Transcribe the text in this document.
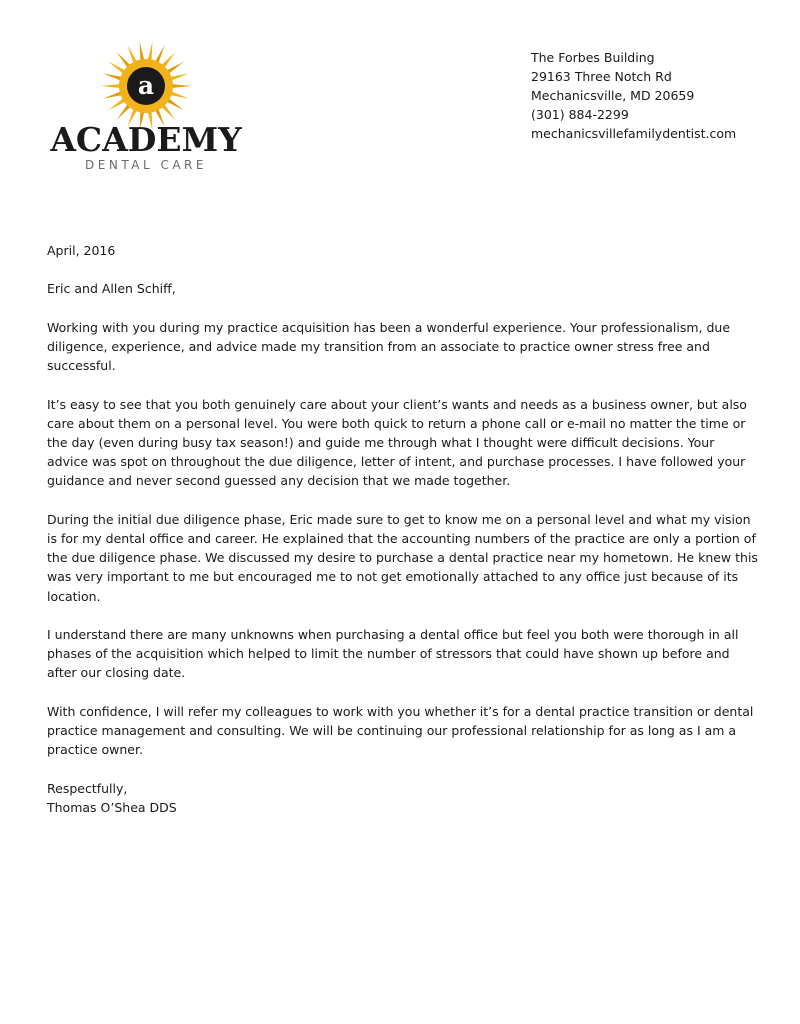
a
ACADEMY
DENTAL CARE
The Forbes Building
29163 Three Notch Rd
Mechanicsville, MD 20659
(301) 884-2299
mechanicsvillefamilydentist.com

April, 2016

Eric and Allen Schiff,

Working with you during my practice acquisition has been a wonderful experience. Your professionalism, due diligence, experience, and advice made my transition from an associate to practice owner stress free and successful.

It’s easy to see that you both genuinely care about your client’s wants and needs as a business owner, but also care about them on a personal level. You were both quick to return a phone call or e-mail no matter the time or the day (even during busy tax season!) and guide me through what I thought were difficult decisions. Your advice was spot on throughout the due diligence, letter of intent, and purchase processes. I have followed your guidance and never second guessed any decision that we made together.

During the initial due diligence phase, Eric made sure to get to know me on a personal level and what my vision is for my dental office and career. He explained that the accounting numbers of the practice are only a portion of the due diligence phase. We discussed my desire to purchase a dental practice near my hometown. He knew this was very important to me but encouraged me to not get emotionally attached to any office just because of its location.

I understand there are many unknowns when purchasing a dental office but feel you both were thorough in all phases of the acquisition which helped to limit the number of stressors that could have shown up before and after our closing date.

With confidence, I will refer my colleagues to work with you whether it’s for a dental practice transition or dental practice management and consulting. We will be continuing our professional relationship for as long as I am a practice owner.

Respectfully,
Thomas O’Shea DDS
